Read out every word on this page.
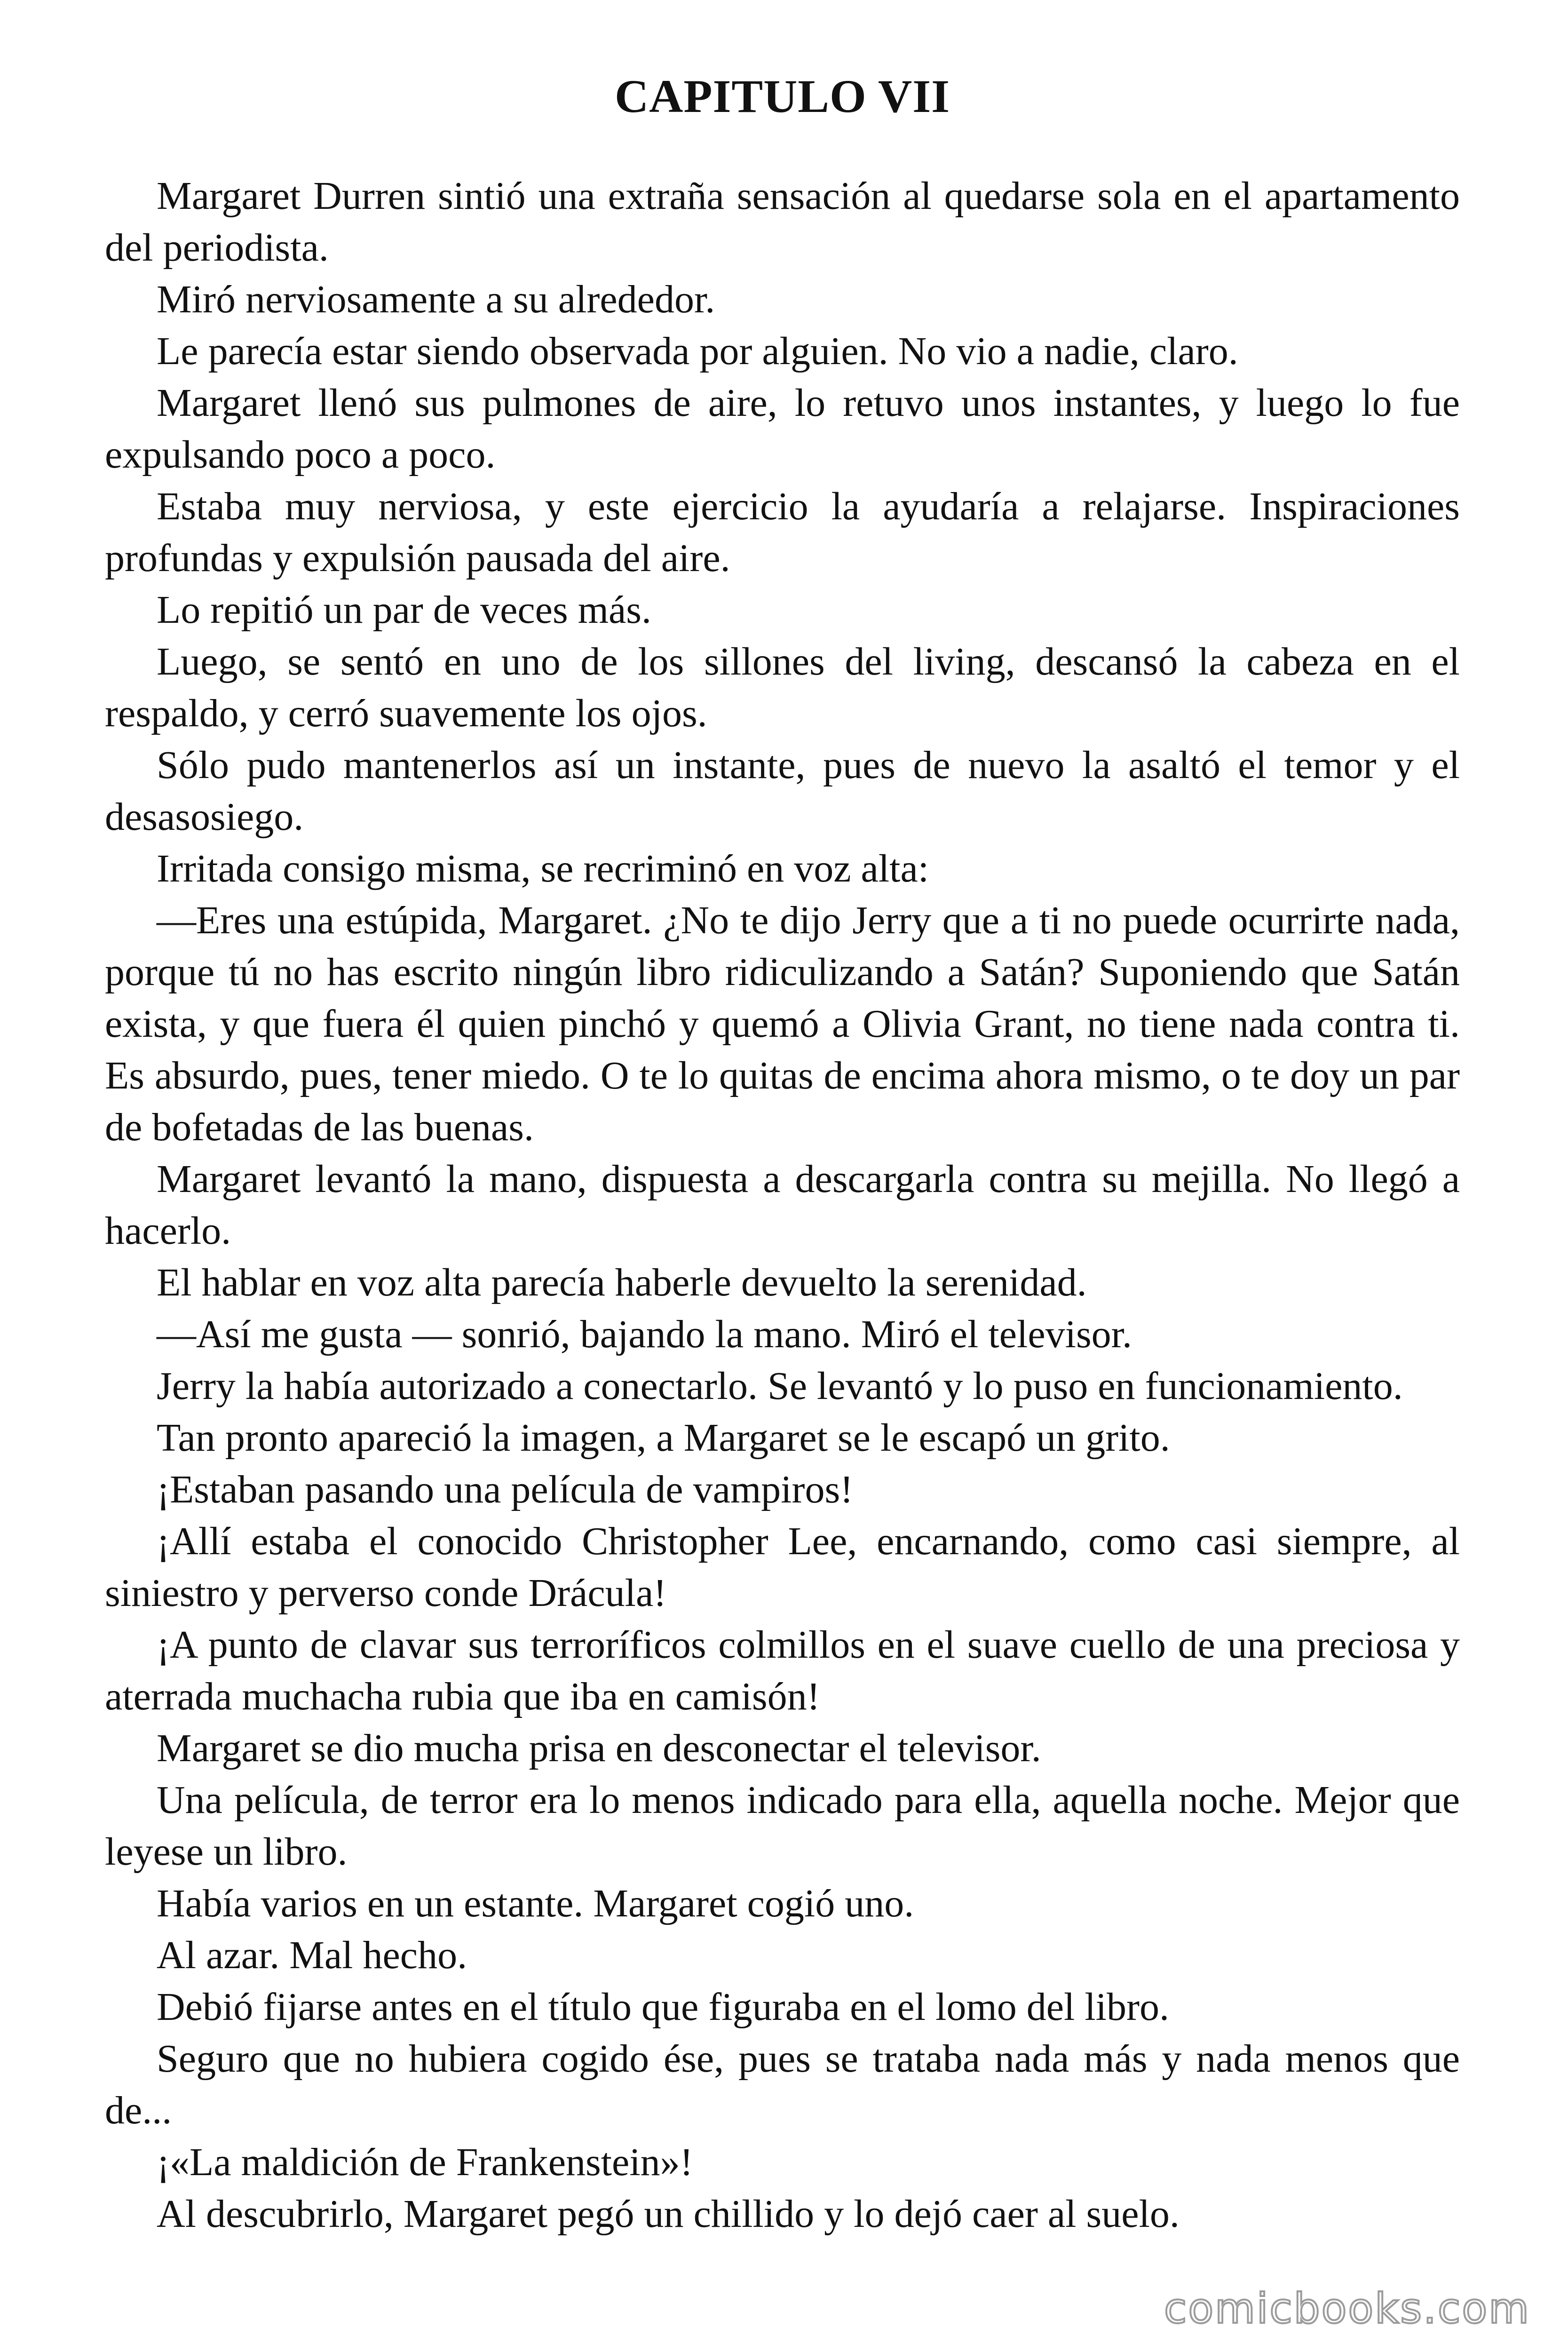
CAPITULO VII

Margaret Durren sintió una extraña sensación al quedarse sola en el apartamento del periodista.

Miró nerviosamente a su alrededor.

Le parecía estar siendo observada por alguien. No vio a nadie, claro.

Margaret llenó sus pulmones de aire, lo retuvo unos instantes, y luego lo fue expulsando poco a poco.

Estaba muy nerviosa, y este ejercicio la ayudaría a relajarse. Inspiraciones profundas y expulsión pausada del aire.

Lo repitió un par de veces más.

Luego, se sentó en uno de los sillones del living, descansó la cabeza en el respaldo, y cerró suavemente los ojos.

Sólo pudo mantenerlos así un instante, pues de nuevo la asaltó el temor y el desasosiego.

Irritada consigo misma, se recriminó en voz alta:

—Eres una estúpida, Margaret. ¿No te dijo Jerry que a ti no puede ocurrirte nada, porque tú no has escrito ningún libro ridiculizando a Satán? Suponiendo que Satán exista, y que fuera él quien pinchó y quemó a Olivia Grant, no tiene nada contra ti. Es absurdo, pues, tener miedo. O te lo quitas de encima ahora mismo, o te doy un par de bofetadas de las buenas.

Margaret levantó la mano, dispuesta a descargarla contra su mejilla. No llegó a hacerlo.

El hablar en voz alta parecía haberle devuelto la serenidad.

—Así me gusta — sonrió, bajando la mano. Miró el televisor.

Jerry la había autorizado a conectarlo. Se levantó y lo puso en funcionamiento.

Tan pronto apareció la imagen, a Margaret se le escapó un grito.

¡Estaban pasando una película de vampiros!

¡Allí estaba el conocido Christopher Lee, encarnando, como casi siempre, al siniestro y perverso conde Drácula!

¡A punto de clavar sus terroríficos colmillos en el suave cuello de una preciosa y aterrada muchacha rubia que iba en camisón!

Margaret se dio mucha prisa en desconectar el televisor.

Una película, de terror era lo menos indicado para ella, aquella noche. Mejor que leyese un libro.

Había varios en un estante. Margaret cogió uno.

Al azar. Mal hecho.

Debió fijarse antes en el título que figuraba en el lomo del libro.

Seguro que no hubiera cogido ése, pues se trataba nada más y nada menos que de...

¡«La maldición de Frankenstein»!

Al descubrirlo, Margaret pegó un chillido y lo dejó caer al suelo.

comicbooks.com
